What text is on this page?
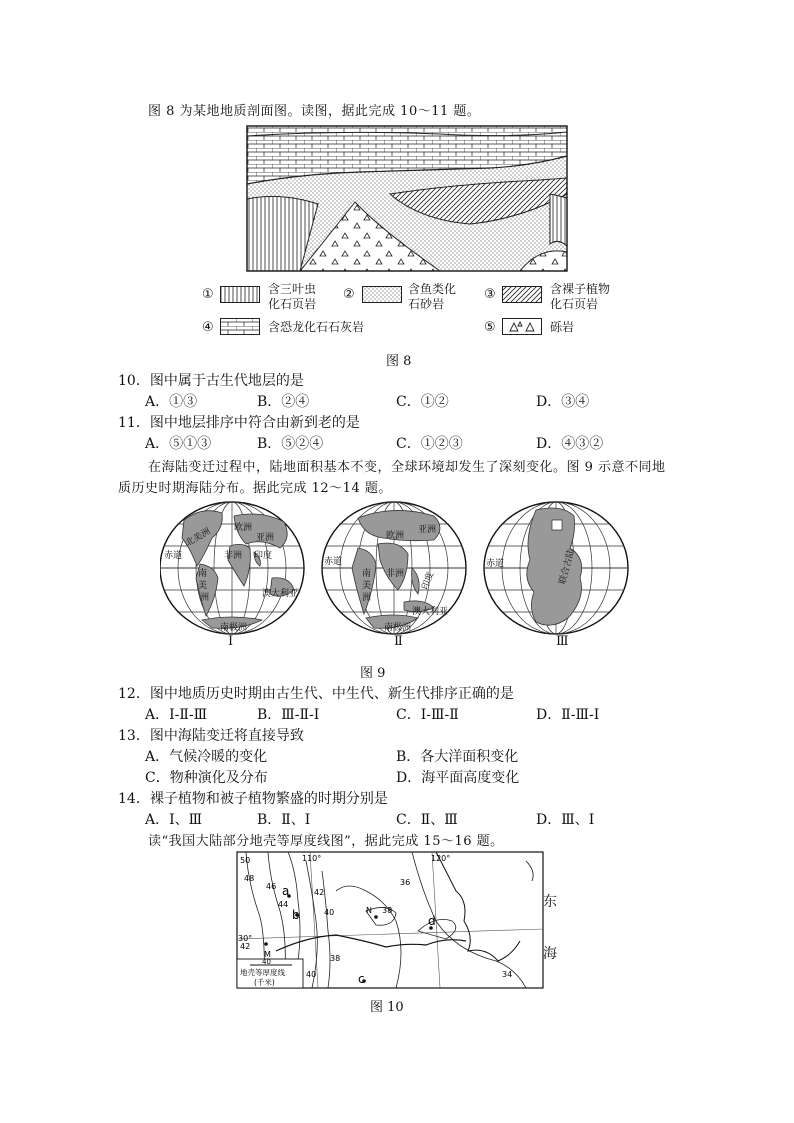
图 8 为某地地质剖面图。读图，据此完成 10～11 题。
①	含三叶虫
化石页岩
②	含鱼类化
石砂岩
③	含裸子植物
化石页岩
④	含恐龙化石石灰岩	⑤	砾岩
图 8
10．图中属于古生代地层的是
A．①③	B．②④	C．①②	D．③④
11．图中地层排序中符合由新到老的是
A．⑤①③	B．⑤②④	C．①②③	D．④③②
在海陆变迁过程中，陆地面积基本不变，全球环境却发生了深刻变化。图 9 示意不同地
质历史时期海陆分布。据此完成 12～14 题。
赤道
赤道	赤道
北美洲 欧洲
亚洲
非洲 印度
南
美
洲	澳大利亚
南极洲
Ⅰ
欧洲
亚洲
南
美
洲
非洲	印度
澳大利亚
南极洲
Ⅱ
联合古陆
Ⅲ
图 9
12．图中地质历史时期由古生代、中生代、新生代排序正确的是
A．Ⅰ-Ⅱ-Ⅲ	B．Ⅲ-Ⅱ-Ⅰ	C．Ⅰ-Ⅲ-Ⅱ	D．Ⅱ-Ⅲ-Ⅰ
13．图中海陆变迁将直接导致
A．气候冷暖的变化	B．各大洋面积变化
C．物种演化及分布	D．海平面高度变化
14．裸子植物和被子植物繁盛的时期分别是
A．Ⅰ、Ⅲ	B．Ⅱ、Ⅰ	C．Ⅱ、Ⅲ	D．Ⅲ、Ⅰ
读“我国大陆部分地壳等厚度线图”，据此完成 15～16 题。
110°	120°
30°
50
48
46
44
42
40	38
36
34
42
38
40
a
b
c
d
N
M
40
地壳等厚度线
(千米)
东
海
图 10
